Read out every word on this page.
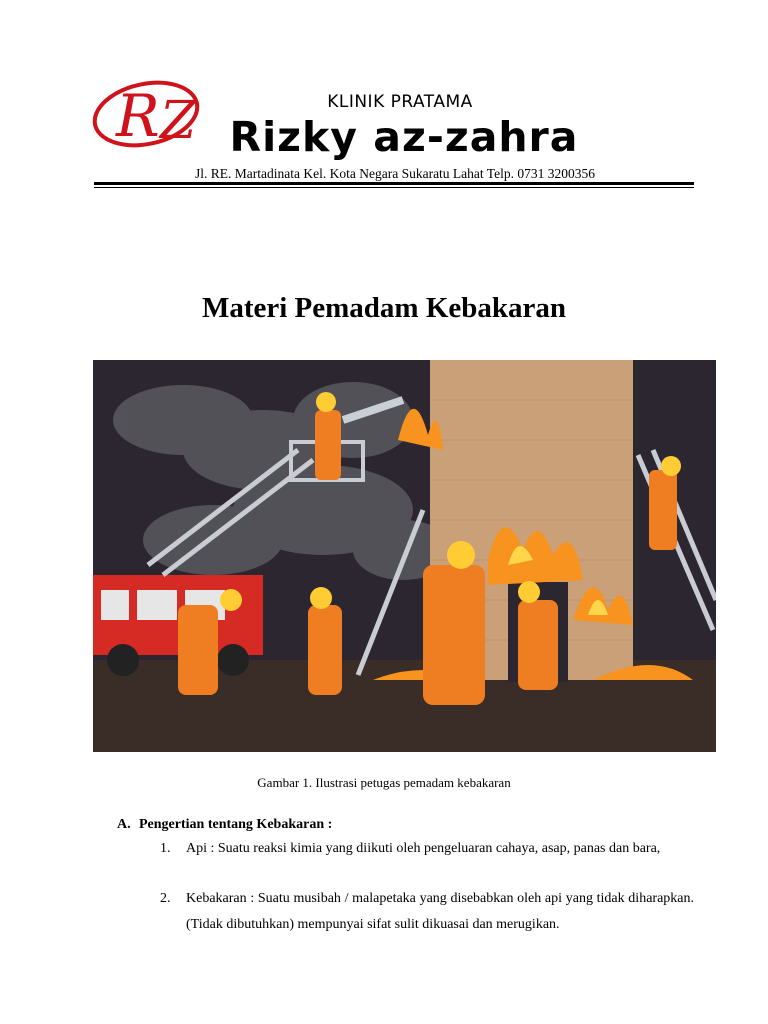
R Z	KLINIK PRATAMA
Rizky az-zahra
Jl. RE. Martadinata Kel. Kota Negara Sukaratu Lahat Telp. 0731 3200356
Materi Pemadam Kebakaran
Gambar 1. Ilustrasi petugas pemadam kebakaran
A. Pengertian tentang Kebakaran :
1.	Api : Suatu reaksi kimia yang diikuti oleh pengeluaran cahaya, asap, panas dan bara,
2.	Kebakaran : Suatu musibah / malapetaka yang disebabkan oleh api yang tidak diharapkan. (Tidak dibutuhkan) mempunyai sifat sulit dikuasai dan merugikan.
